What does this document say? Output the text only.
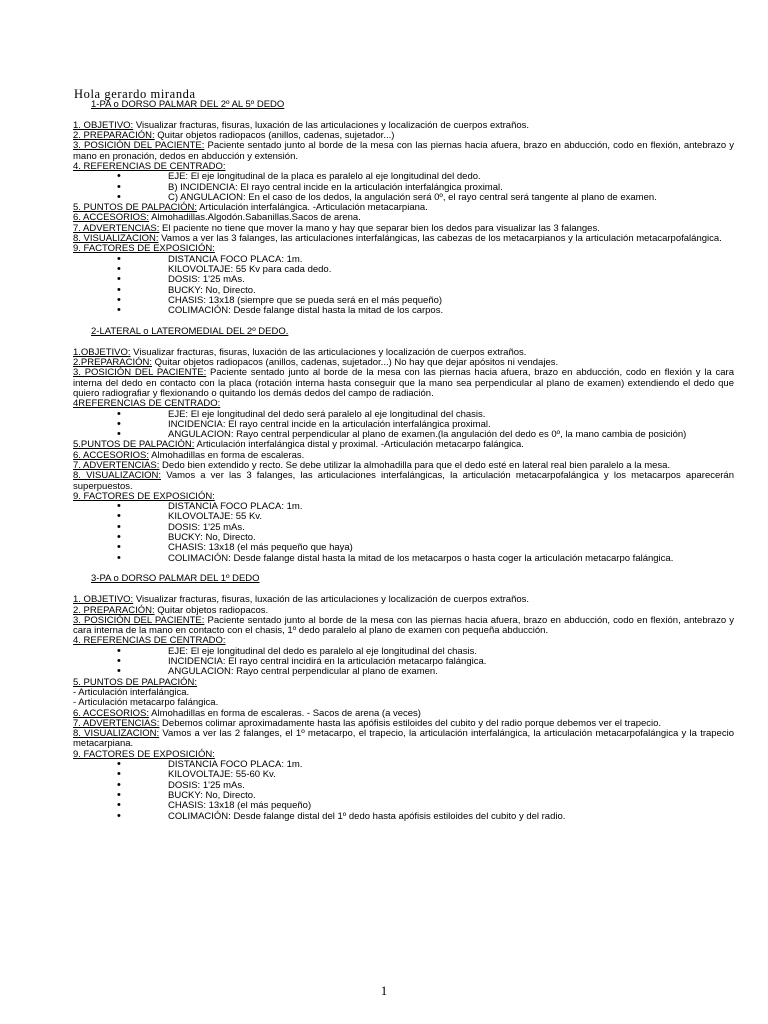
Hola gerardo miranda
1-PA o DORSO PALMAR DEL 2º AL 5º DEDO
1. OBJETIVO: Visualizar fracturas, fisuras, luxación de las articulaciones y localización de cuerpos extraños.
2. PREPARACIÓN: Quitar objetos radiopacos (anillos, cadenas, sujetador...)
3. POSICIÓN DEL PACIENTE: Paciente sentado junto al borde de la mesa con las piernas hacia afuera, brazo en abducción, codo en flexión, antebrazo y mano en pronación, dedos en abducción y extensión.
4. REFERENCIAS DE CENTRADO:
• EJE: El eje longitudinal de la placa es paralelo al eje longitudinal del dedo.
• B) INCIDENCIA: El rayo central incide en la articulación interfalángica proximal.
• C) ANGULACION: En el caso de los dedos, la angulación será 0º, el rayo central será tangente al plano de examen.
5. PUNTOS DE PALPACIÓN: Articulación interfalángica. -Articulación metacarpiana.
6. ACCESORIOS: Almohadillas.Algodón.Sabanillas.Sacos de arena.
7. ADVERTENCIAS: El paciente no tiene que mover la mano y hay que separar bien los dedos para visualizar las 3 falanges.
8. VISUALIZACION: Vamos a ver las 3 falanges, las articulaciones interfalángicas, las cabezas de los metacarpianos y la articulación metacarpofalángica.
9. FACTORES DE EXPOSICIÓN:
• DISTANCIA FOCO PLACA: 1m.
• KILOVOLTAJE: 55 Kv para cada dedo.
• DOSIS: 1'25 mAs.
• BUCKY: No, Directo.
• CHASIS: 13x18 (siempre que se pueda será en el más pequeño)
• COLIMACIÓN: Desde falange distal hasta la mitad de los carpos.
2-LATERAL o LATEROMEDIAL DEL 2º DEDO.
1.OBJETIVO: Visualizar fracturas, fisuras, luxación de las articulaciones y localización de cuerpos extraños.
2.PREPARACIÓN: Quitar objetos radiopacos (anillos, cadenas, sujetador...) No hay que dejar apósitos ni vendajes.
3. POSICIÓN DEL PACIENTE: Paciente sentado junto al borde de la mesa con las piernas hacia afuera, brazo en abducción, codo en flexión y la cara interna del dedo en contacto con la placa (rotación interna hasta conseguir que la mano sea perpendicular al plano de examen) extendiendo el dedo que quiero radiografiar y flexionando o quitando los demás dedos del campo de radiación.
4REFERENCIAS DE CENTRADO:
• EJE: El eje longitudinal del dedo será paralelo al eje longitudinal del chasis.
• INCIDENCIA: El rayo central incide en la articulación interfalángica proximal.
• ANGULACION: Rayo central perpendicular al plano de examen.(la angulación del dedo es 0º, la mano cambia de posición)
5.PUNTOS DE PALPACIÓN: Articulación interfalángica distal y proximal. -Articulación metacarpo falángica.
6. ACCESORIOS: Almohadillas en forma de escaleras.
7. ADVERTENCIAS: Dedo bien extendido y recto. Se debe utilizar la almohadilla para que el dedo esté en lateral real bien paralelo a la mesa.
8. VISUALIZACION: Vamos a ver las 3 falanges, las articulaciones interfalángicas, la articulación metacarpofalángica y los metacarpos aparecerán superpuestos.
9. FACTORES DE EXPOSICIÓN:
• DISTANCIA FOCO PLACA: 1m.
• KILOVOLTAJE: 55 Kv.
• DOSIS: 1'25 mAs.
• BUCKY: No, Directo.
• CHASIS: 13x18 (el más pequeño que haya)
• COLIMACIÓN: Desde falange distal hasta la mitad de los metacarpos o hasta coger la articulación metacarpo falángica.
3-PA o DORSO PALMAR DEL 1º DEDO
1. OBJETIVO: Visualizar fracturas, fisuras, luxación de las articulaciones y localización de cuerpos extraños.
2. PREPARACIÓN: Quitar objetos radiopacos.
3. POSICIÓN DEL PACIENTE: Paciente sentado junto al borde de la mesa con las piernas hacia afuera, brazo en abducción, codo en flexión, antebrazo y cara interna de la mano en contacto con el chasis, 1º dedo paralelo al plano de examen con pequeña abducción.
4. REFERENCIAS DE CENTRADO:
• EJE: El eje longitudinal del dedo es paralelo al eje longitudinal del chasis.
• INCIDENCIA: El rayo central incidirá en la articulación metacarpo falángica.
• ANGULACION: Rayo central perpendicular al plano de examen.
5. PUNTOS DE PALPACIÓN:
- Articulación interfalángica.
- Articulación metacarpo falángica.
6. ACCESORIOS: Almohadillas en forma de escaleras. - Sacos de arena (a veces)
7. ADVERTENCIAS: Debemos colimar aproximadamente hasta las apófisis estiloides del cubito y del radio porque debemos ver el trapecio.
8. VISUALIZACION: Vamos a ver las 2 falanges, el 1º metacarpo, el trapecio, la articulación interfalángica, la articulación metacarpofalángica y la trapecio metacarpiana.
9. FACTORES DE EXPOSICIÓN:
• DISTANCIA FOCO PLACA: 1m.
• KILOVOLTAJE: 55-60 Kv.
• DOSIS: 1'25 mAs.
• BUCKY: No, Directo.
• CHASIS: 13x18 (el más pequeño)
• COLIMACIÓN: Desde falange distal del 1º dedo hasta apófisis estiloides del cubito y del radio.
1
